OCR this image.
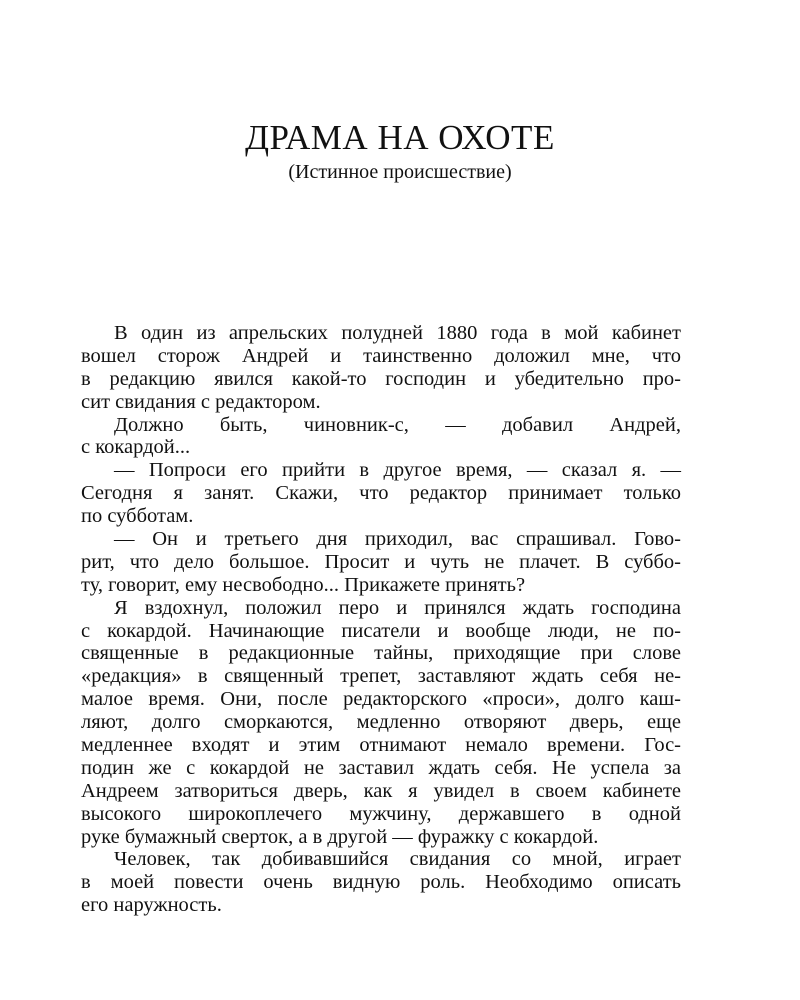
ДРАМА НА ОХОТЕ
(Истинное происшествие)
В один из апрельских полудней 1880 года в мой кабинет
вошел сторож Андрей и таинственно доложил мне, что
в редакцию явился какой-то господин и убедительно про-
сит свидания с редактором.
Должно быть, чиновник-с, — добавил Андрей,
с кокардой...
— Попроси его прийти в другое время, — сказал я. —
Сегодня я занят. Скажи, что редактор принимает только
по субботам.
— Он и третьего дня приходил, вас спрашивал. Гово-
рит, что дело большое. Просит и чуть не плачет. В суббо-
ту, говорит, ему несвободно... Прикажете принять?
Я вздохнул, положил перо и принялся ждать господина
с кокардой. Начинающие писатели и вообще люди, не по-
священные в редакционные тайны, приходящие при слове
«редакция» в священный трепет, заставляют ждать себя не-
малое время. Они, после редакторского «проси», долго каш-
ляют, долго сморкаются, медленно отворяют дверь, еще
медленнее входят и этим отнимают немало времени. Гос-
подин же с кокардой не заставил ждать себя. Не успела за
Андреем затвориться дверь, как я увидел в своем кабинете
высокого широкоплечего мужчину, державшего в одной
руке бумажный сверток, а в другой — фуражку с кокардой.
Человек, так добивавшийся свидания со мной, играет
в моей повести очень видную роль. Необходимо описать
его наружность.
